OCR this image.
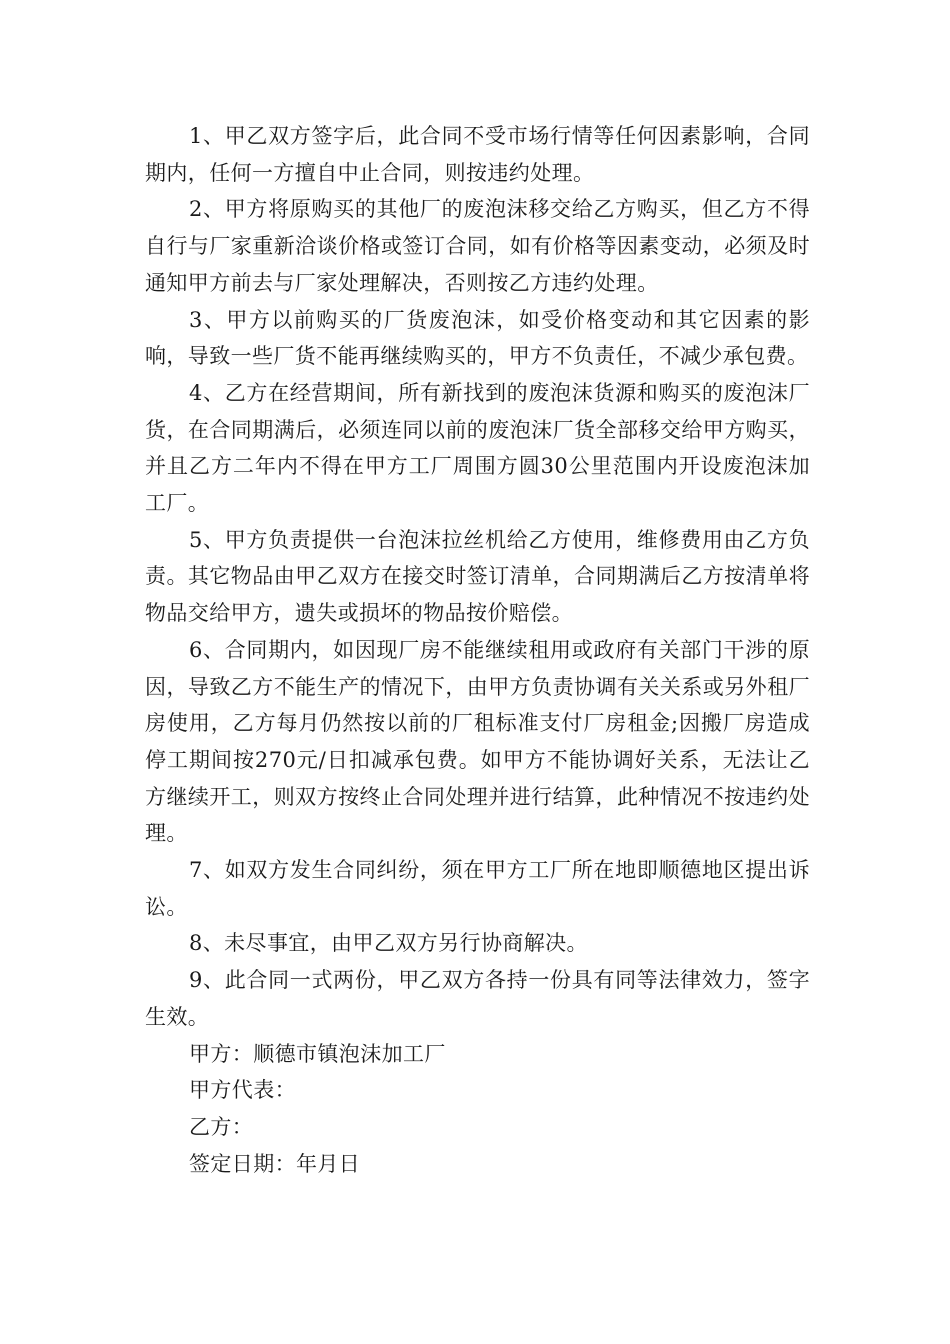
1、甲乙双方签字后，此合同不受市场行情等任何因素影响，合同期内，任何一方擅自中止合同，则按违约处理。

2、甲方将原购买的其他厂的废泡沫移交给乙方购买，但乙方不得自行与厂家重新洽谈价格或签订合同，如有价格等因素变动，必须及时通知甲方前去与厂家处理解决，否则按乙方违约处理。

3、甲方以前购买的厂货废泡沫，如受价格变动和其它因素的影响，导致一些厂货不能再继续购买的，甲方不负责任，不减少承包费。

4、乙方在经营期间，所有新找到的废泡沫货源和购买的废泡沫厂货，在合同期满后，必须连同以前的废泡沫厂货全部移交给甲方购买，并且乙方二年内不得在甲方工厂周围方圆30公里范围内开设废泡沫加工厂。

5、甲方负责提供一台泡沫拉丝机给乙方使用，维修费用由乙方负责。其它物品由甲乙双方在接交时签订清单，合同期满后乙方按清单将物品交给甲方，遗失或损坏的物品按价赔偿。

6、合同期内，如因现厂房不能继续租用或政府有关部门干涉的原因，导致乙方不能生产的情况下，由甲方负责协调有关关系或另外租厂房使用，乙方每月仍然按以前的厂租标准支付厂房租金;因搬厂房造成停工期间按270元/日扣减承包费。如甲方不能协调好关系，无法让乙方继续开工，则双方按终止合同处理并进行结算，此种情况不按违约处理。

7、如双方发生合同纠纷，须在甲方工厂所在地即顺德地区提出诉讼。

8、未尽事宜，由甲乙双方另行协商解决。

9、此合同一式两份，甲乙双方各持一份具有同等法律效力，签字生效。

甲方：顺德市镇泡沫加工厂

甲方代表：

乙方：

签定日期：年月日
